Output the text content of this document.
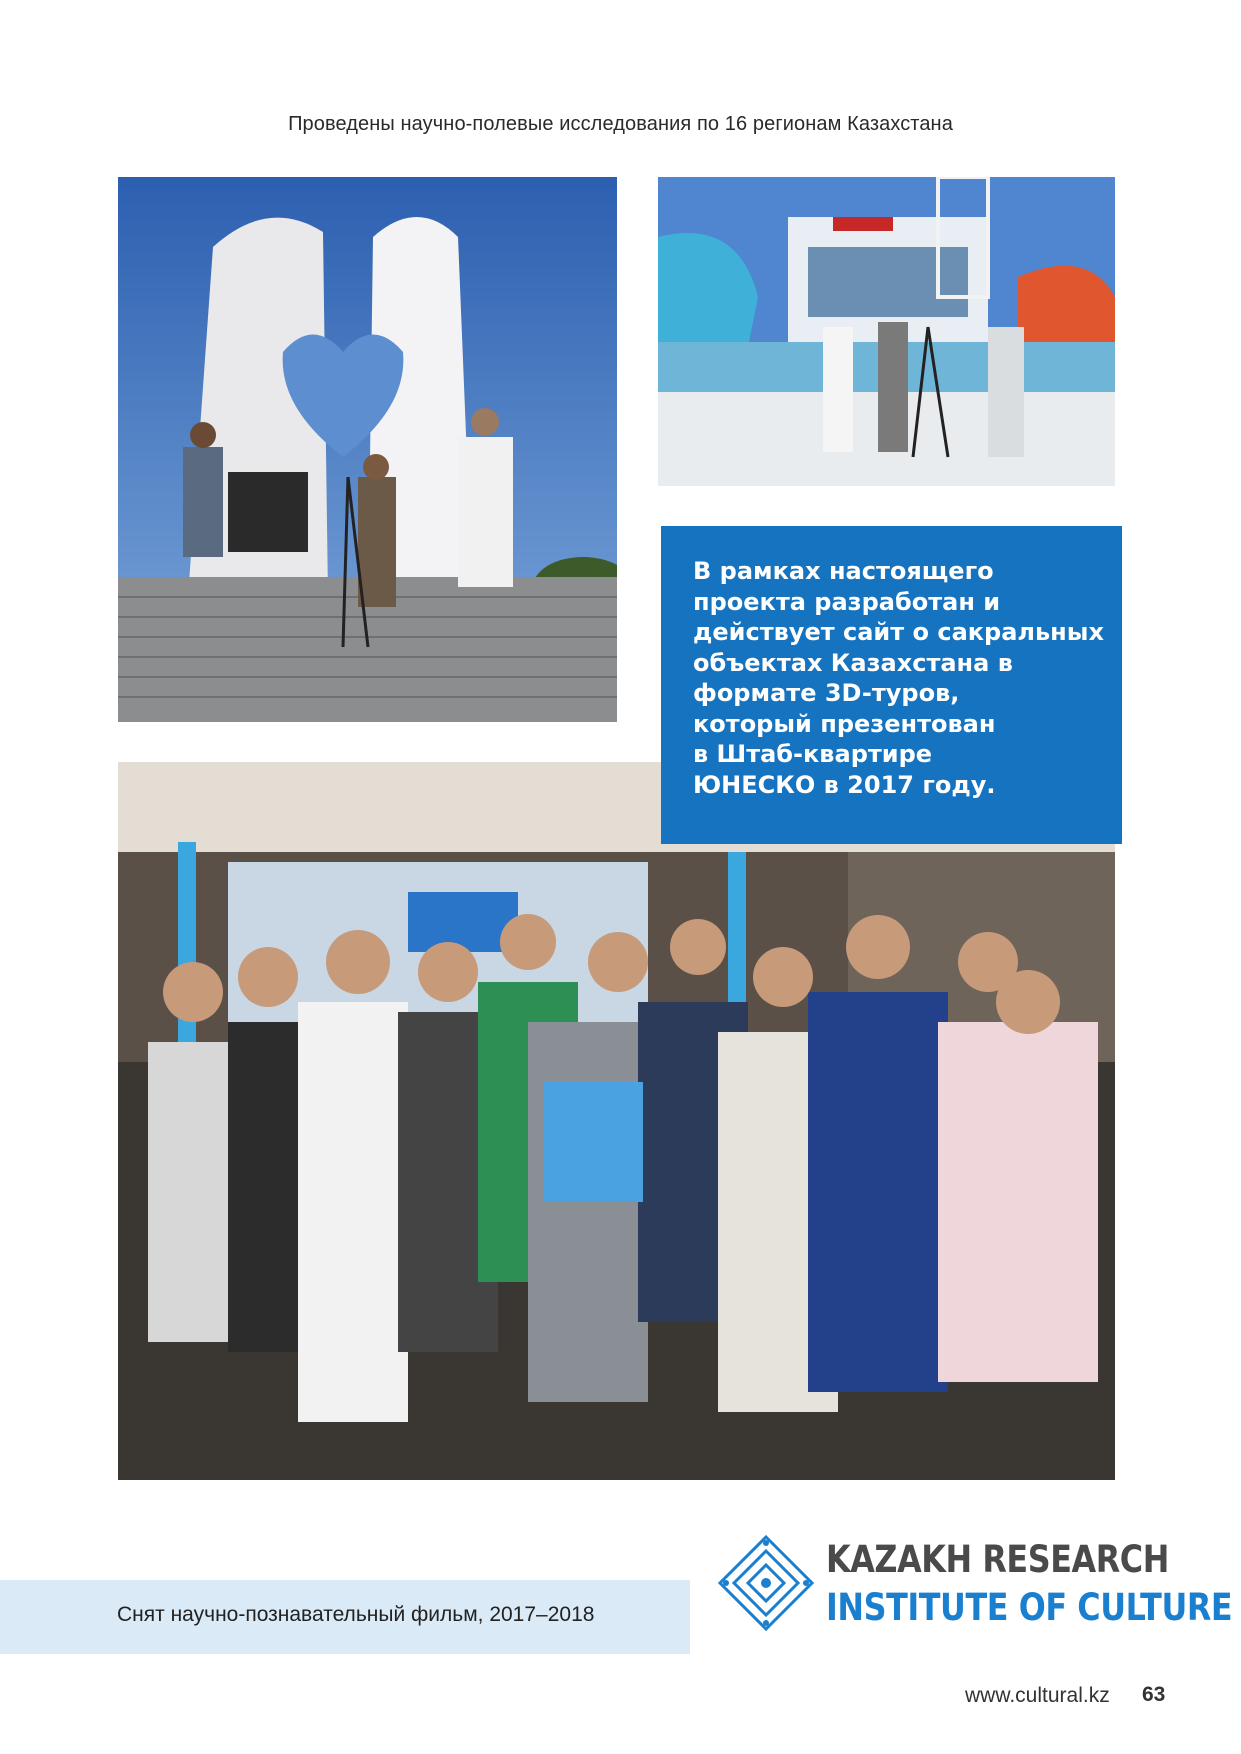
Проведены научно-полевые исследования по 16 регионам Казахстана
В рамках настоящего
проекта разработан и
действует сайт о сакральных
объектах Казахстана в
формате 3D-туров,
который презентован
в Штаб-квартире
ЮНЕСКО в 2017 году.
Снят научно-познавательный фильм, 2017–2018
KAZAKH RESEARCH
INSTITUTE OF CULTURE
www.cultural.kz 63
